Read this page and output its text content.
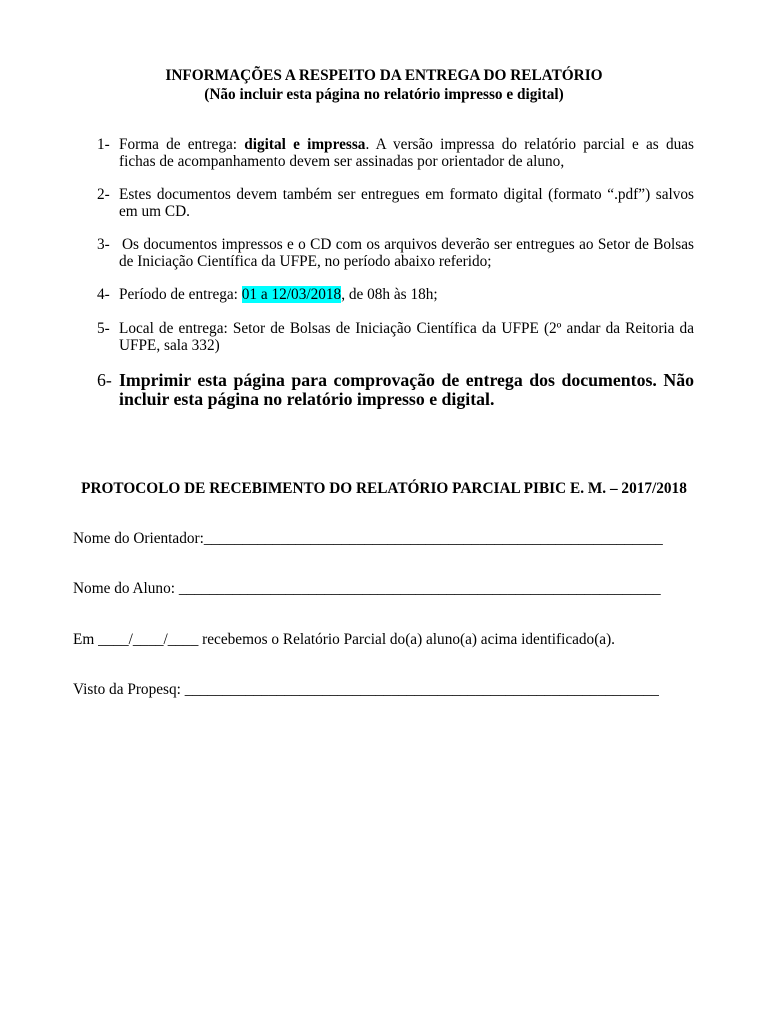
INFORMAÇÕES A RESPEITO DA ENTREGA DO RELATÓRIO
(Não incluir esta página no relatório impresso e digital)
1- Forma de entrega: digital e impressa. A versão impressa do relatório parcial e as duas
fichas de acompanhamento devem ser assinadas por orientador de aluno,
2- Estes documentos devem também ser entregues em formato digital (formato “.pdf”) salvos
em um CD.
3- Os documentos impressos e o CD com os arquivos deverão ser entregues ao Setor de Bolsas
de Iniciação Científica da UFPE, no período abaixo referido;
4- Período de entrega: 01 a 12/03/2018, de 08h às 18h;
5- Local de entrega: Setor de Bolsas de Iniciação Científica da UFPE (2º andar da Reitoria da
UFPE, sala 332)
6- Imprimir esta página para comprovação de entrega dos documentos. Não
incluir esta página no relatório impresso e digital.
PROTOCOLO DE RECEBIMENTO DO RELATÓRIO PARCIAL PIBIC E. M. – 2017/2018
Nome do Orientador:____________________________________________________________
Nome do Aluno: _______________________________________________________________
Em ____/____/____ recebemos o Relatório Parcial do(a) aluno(a) acima identificado(a).
Visto da Propesq: ______________________________________________________________
